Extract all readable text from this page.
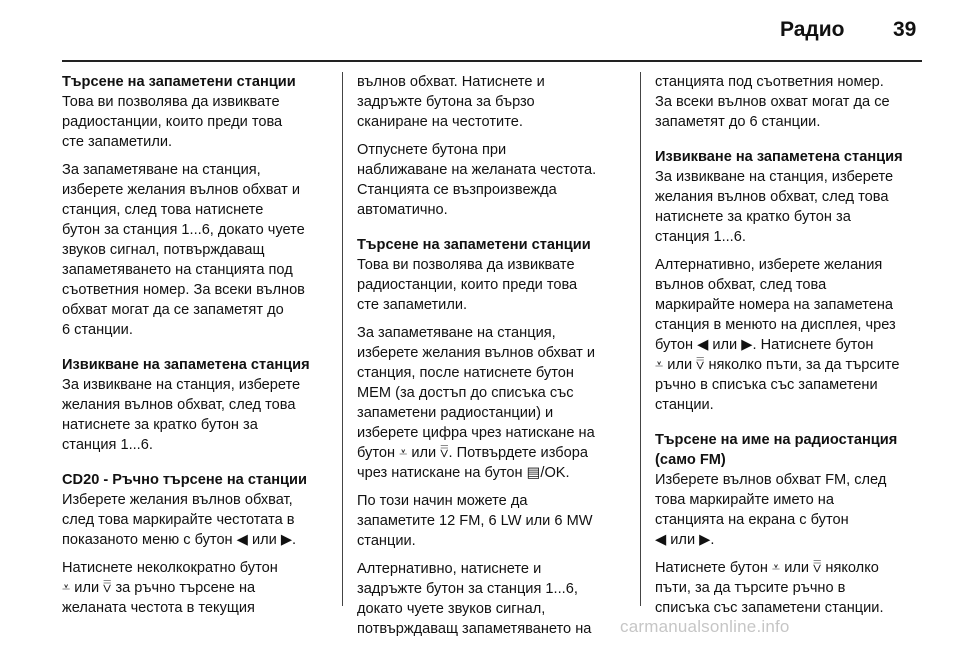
Радио 39
Търсене на запаметени станции

Това ви позволява да извиквате
радиостанции, които преди това
сте запаметили.

За запаметяване на станция,
изберете желания вълнов обхват и
станция, след това натиснете
бутон за станция 1...6, докато чуете
звуков сигнал, потвърждаващ
запаметяването на станцията под
съответния номер. За всеки вълнов
обхват могат да се запаметят до
6 станции.

Извикване на запаметена станция

За извикване на станция, изберете
желания вълнов обхват, след това
натиснете за кратко бутон за
станция 1...6.

CD20 - Ръчно търсене на станции

Изберете желания вълнов обхват,
след това маркирайте честотата в
показаното меню с бутон ◀ или ▶.

Натиснете неколкократно бутон
⩡ или ⩢ за ръчно търсене на
желаната честота в текущия

вълнов обхват. Натиснете и
задръжте бутона за бързо
сканиране на честотите.

Отпуснете бутона при
наближаване на желаната честота.
Станцията се възпроизвежда
автоматично.

Търсене на запаметени станции

Това ви позволява да извиквате
радиостанции, които преди това
сте запаметили.

За запаметяване на станция,
изберете желания вълнов обхват и
станция, после натиснете бутон
MEM (за достъп до списъка със
запаметени радиостанции) и
изберете цифра чрез натискане на
бутон ⩡ или ⩢. Потвърдете избора
чрез натискане на бутон ▤/OK.

По този начин можете да
запаметите 12 FM, 6 LW или 6 MW
станции.

Алтернативно, натиснете и
задръжте бутон за станция 1...6,
докато чуете звуков сигнал,
потвърждаващ запаметяването на

станцията под съответния номер.
За всеки вълнов охват могат да се
запаметят до 6 станции.

Извикване на запаметена станция

За извикване на станция, изберете
желания вълнов обхват, след това
натиснете за кратко бутон за
станция 1...6.

Алтернативно, изберете желания
вълнов обхват, след това
маркирайте номера на запаметена
станция в менюто на дисплея, чрез
бутон ◀ или ▶. Натиснете бутон
⩡ или ⩢ няколко пъти, за да търсите
ръчно в списъка със запаметени
станции.

Търсене на име на радиостанция
(само FM)

Изберете вълнов обхват FM, след
това маркирайте името на
станцията на екрана с бутон
◀ или ▶.

Натиснете бутон ⩡ или ⩢ няколко
пъти, за да търсите ръчно в
списъка със запаметени станции.

carmanualsonline.info
